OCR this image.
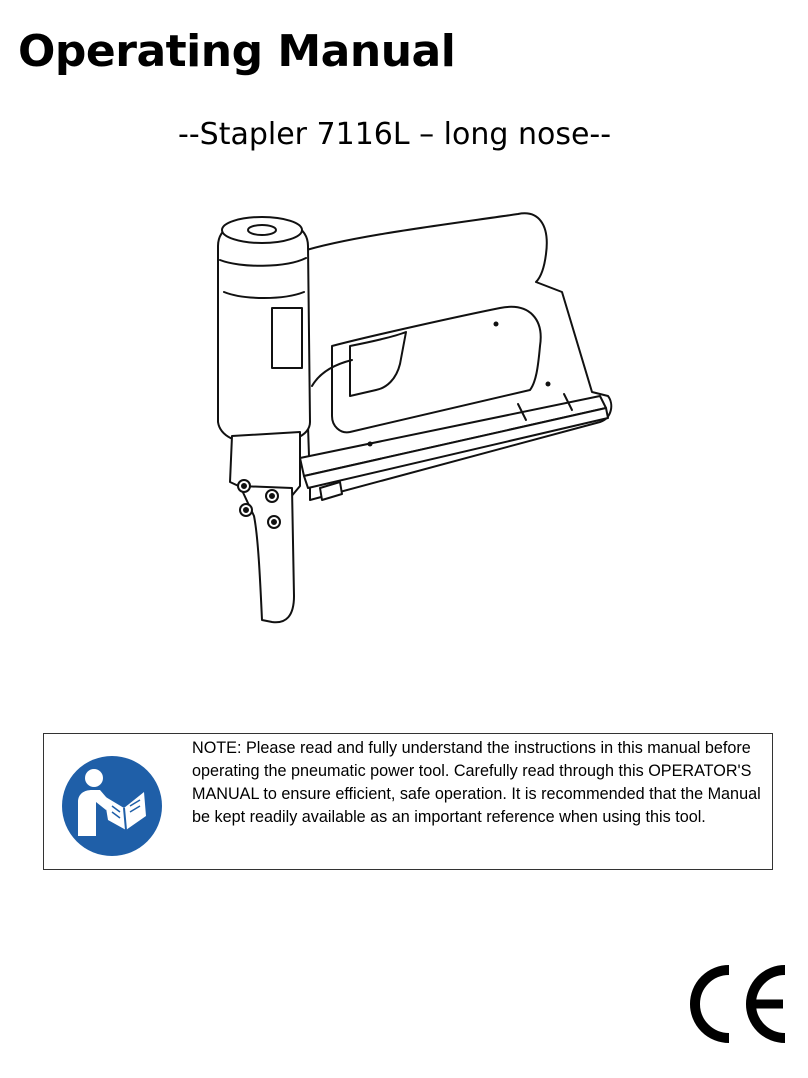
Operating Manual
--Stapler 7116L – long nose--

NOTE: Please read and fully understand the instructions in this manual before operating the pneumatic power tool. Carefully read through this OPERATOR'S MANUAL to ensure efficient, safe operation. It is recommended that the Manual be kept readily available as an important reference when using this tool.
